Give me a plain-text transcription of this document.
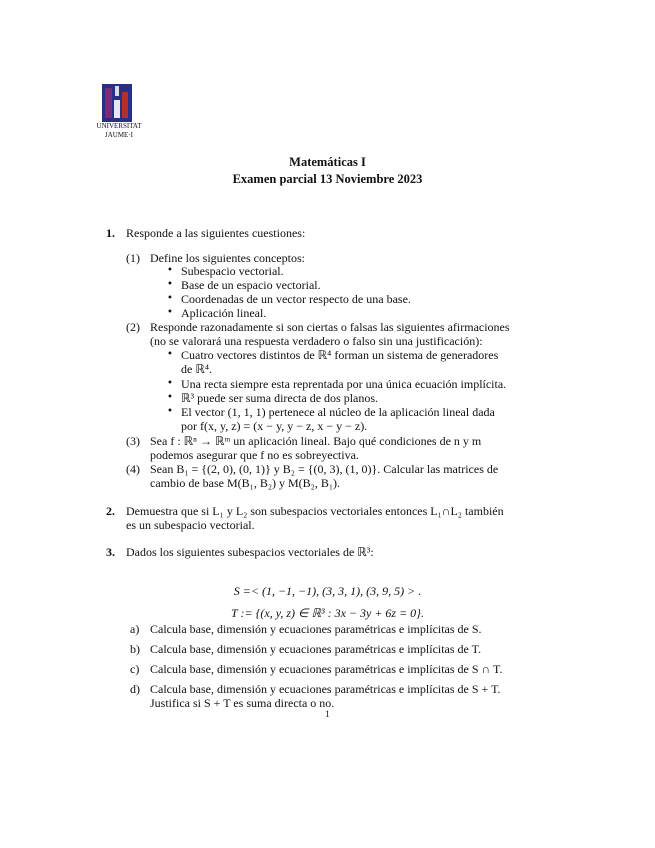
UNIVERSITAT
JAUME·I
Matemáticas I
Examen parcial 13 Noviembre 2023
1. Responde a las siguientes cuestiones:
(1) Define los siguientes conceptos:
• Subespacio vectorial.
• Base de un espacio vectorial.
• Coordenadas de un vector respecto de una base.
• Aplicación lineal.
(2) Responde razonadamente si son ciertas o falsas las siguientes afirmaciones
(no se valorará una respuesta verdadero o falso sin una justificación):
• Cuatro vectores distintos de ℝ⁴ forman un sistema de generadores
de ℝ⁴.
• Una recta siempre esta reprentada por una única ecuación implícita.
• ℝ³ puede ser suma directa de dos planos.
• El vector (1, 1, 1) pertenece al núcleo de la aplicación lineal dada
por f(x, y, z) = (x − y, y − z, x − y − z).
(3) Sea f : ℝⁿ → ℝᵐ un aplicación lineal. Bajo qué condiciones de n y m
podemos asegurar que f no es sobreyectiva.
(4) Sean B₁ = {(2, 0), (0, 1)} y B₂ = {(0, 3), (1, 0)}. Calcular las matrices de
cambio de base M(B₁, B₂) y M(B₂, B₁).
2. Demuestra que si L₁ y L₂ son subespacios vectoriales entonces L₁∩L₂ también
es un subespacio vectorial.
3. Dados los siguientes subespacios vectoriales de ℝ³:
S =< (1, −1, −1), (3, 3, 1), (3, 9, 5) > .
T := {(x, y, z) ∈ ℝ³ : 3x − 3y + 6z = 0}.
a) Calcula base, dimensión y ecuaciones paramétricas e implícitas de S.
b) Calcula base, dimensión y ecuaciones paramétricas e implícitas de T.
c) Calcula base, dimensión y ecuaciones paramétricas e implícitas de S ∩ T.
d) Calcula base, dimensión y ecuaciones paramétricas e implícitas de S + T.
Justifica si S + T es suma directa o no.
1
